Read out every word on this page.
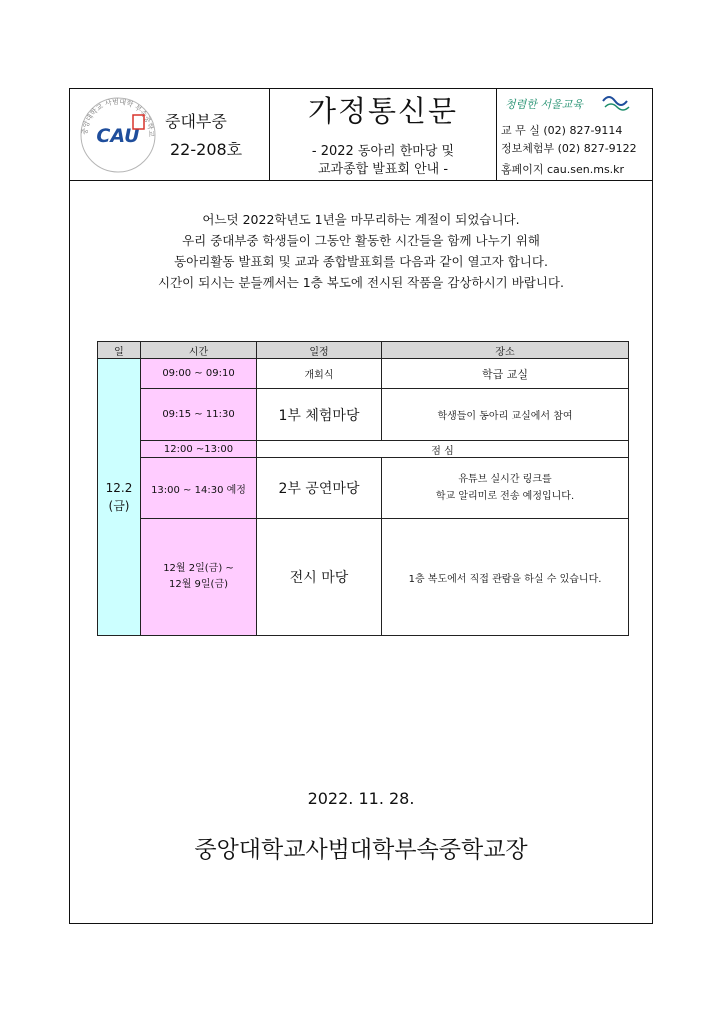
중앙대학교 사범대학 부속중학교
CAU
중대부중
22-208호
가정통신문
- 2022 동아리 한마당 및
교과종합 발표회 안내 -
청렴한 서울교육
교 무 실 (02) 827-9114
정보체험부 (02) 827-9122
홈페이지 cau.sen.ms.kr
어느덧 2022학년도 1년을 마무리하는 계절이 되었습니다.
우리 중대부중 학생들이 그동안 활동한 시간들을 함께 나누기 위해
동아리활동 발표회 및 교과 종합발표회를 다음과 같이 열고자 합니다.
시간이 되시는 분들께서는 1층 복도에 전시된 작품을 감상하시기 바랍니다.
일	시간	일정	장소

12.2
(금)	09:00 ~ 09:10	개회식	학급 교실
	09:15 ~ 11:30	1부 체험마당	학생들이 동아리 교실에서 참여
	12:00 ~13:00	점 심	
	13:00 ~ 14:30 예정	2부 공연마당	유튜브 실시간 링크를
학교 알리미로 전송 예정입니다.

	12월 2일(금) ~
12월 9일(금)	전시 마당	1층 복도에서 직접 관람을 하실 수 있습니다.
2022. 11. 28.
중앙대학교사범대학부속중학교장
